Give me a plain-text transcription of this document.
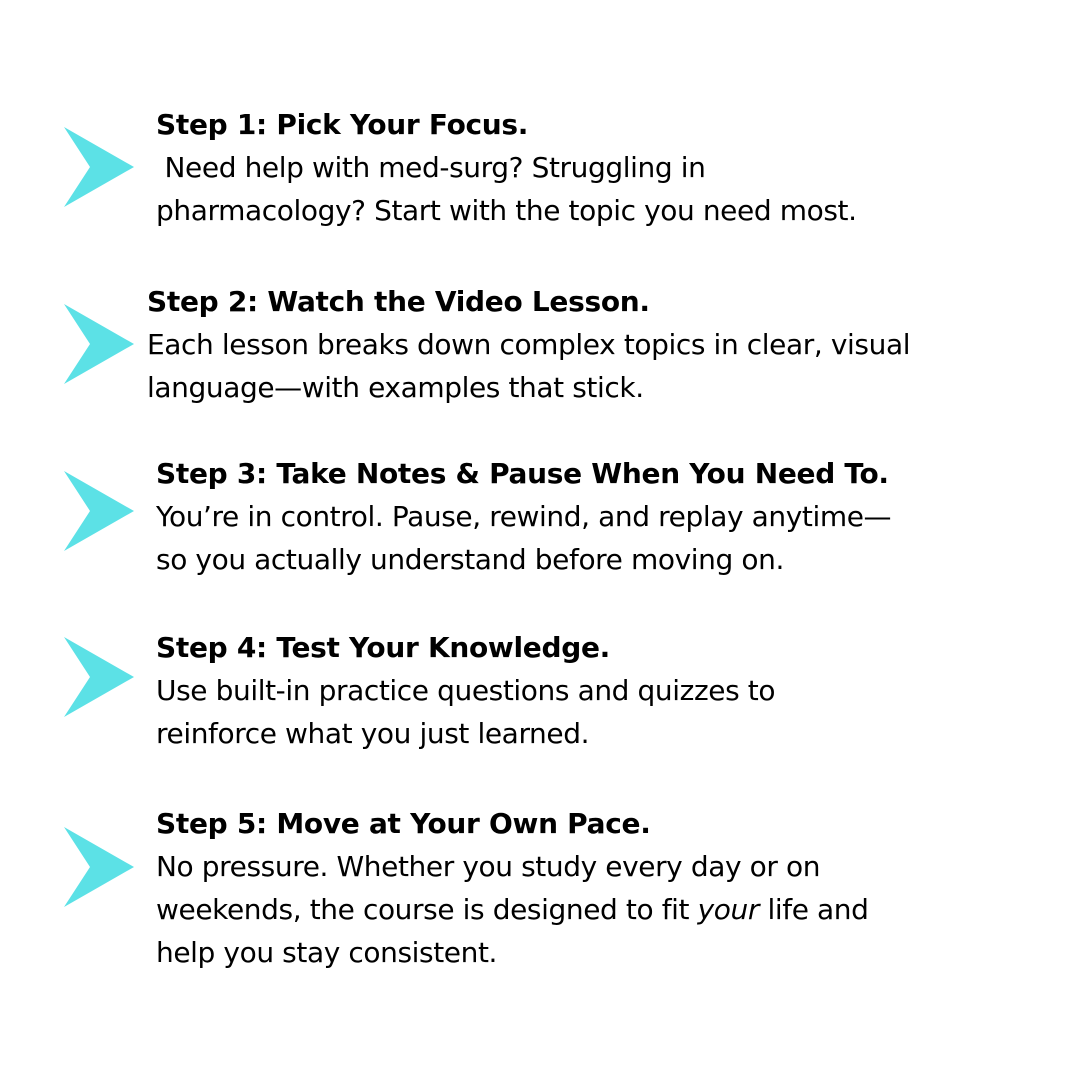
Step 1: Pick Your Focus.
Need help with med-surg? Struggling in
pharmacology? Start with the topic you need most.
Step 2: Watch the Video Lesson.
Each lesson breaks down complex topics in clear, visual
language—with examples that stick.
Step 3: Take Notes & Pause When You Need To.
You’re in control. Pause, rewind, and replay anytime—
so you actually understand before moving on.
Step 4: Test Your Knowledge.
Use built-in practice questions and quizzes to
reinforce what you just learned.
Step 5: Move at Your Own Pace.
No pressure. Whether you study every day or on
weekends, the course is designed to fit your life and
help you stay consistent.
